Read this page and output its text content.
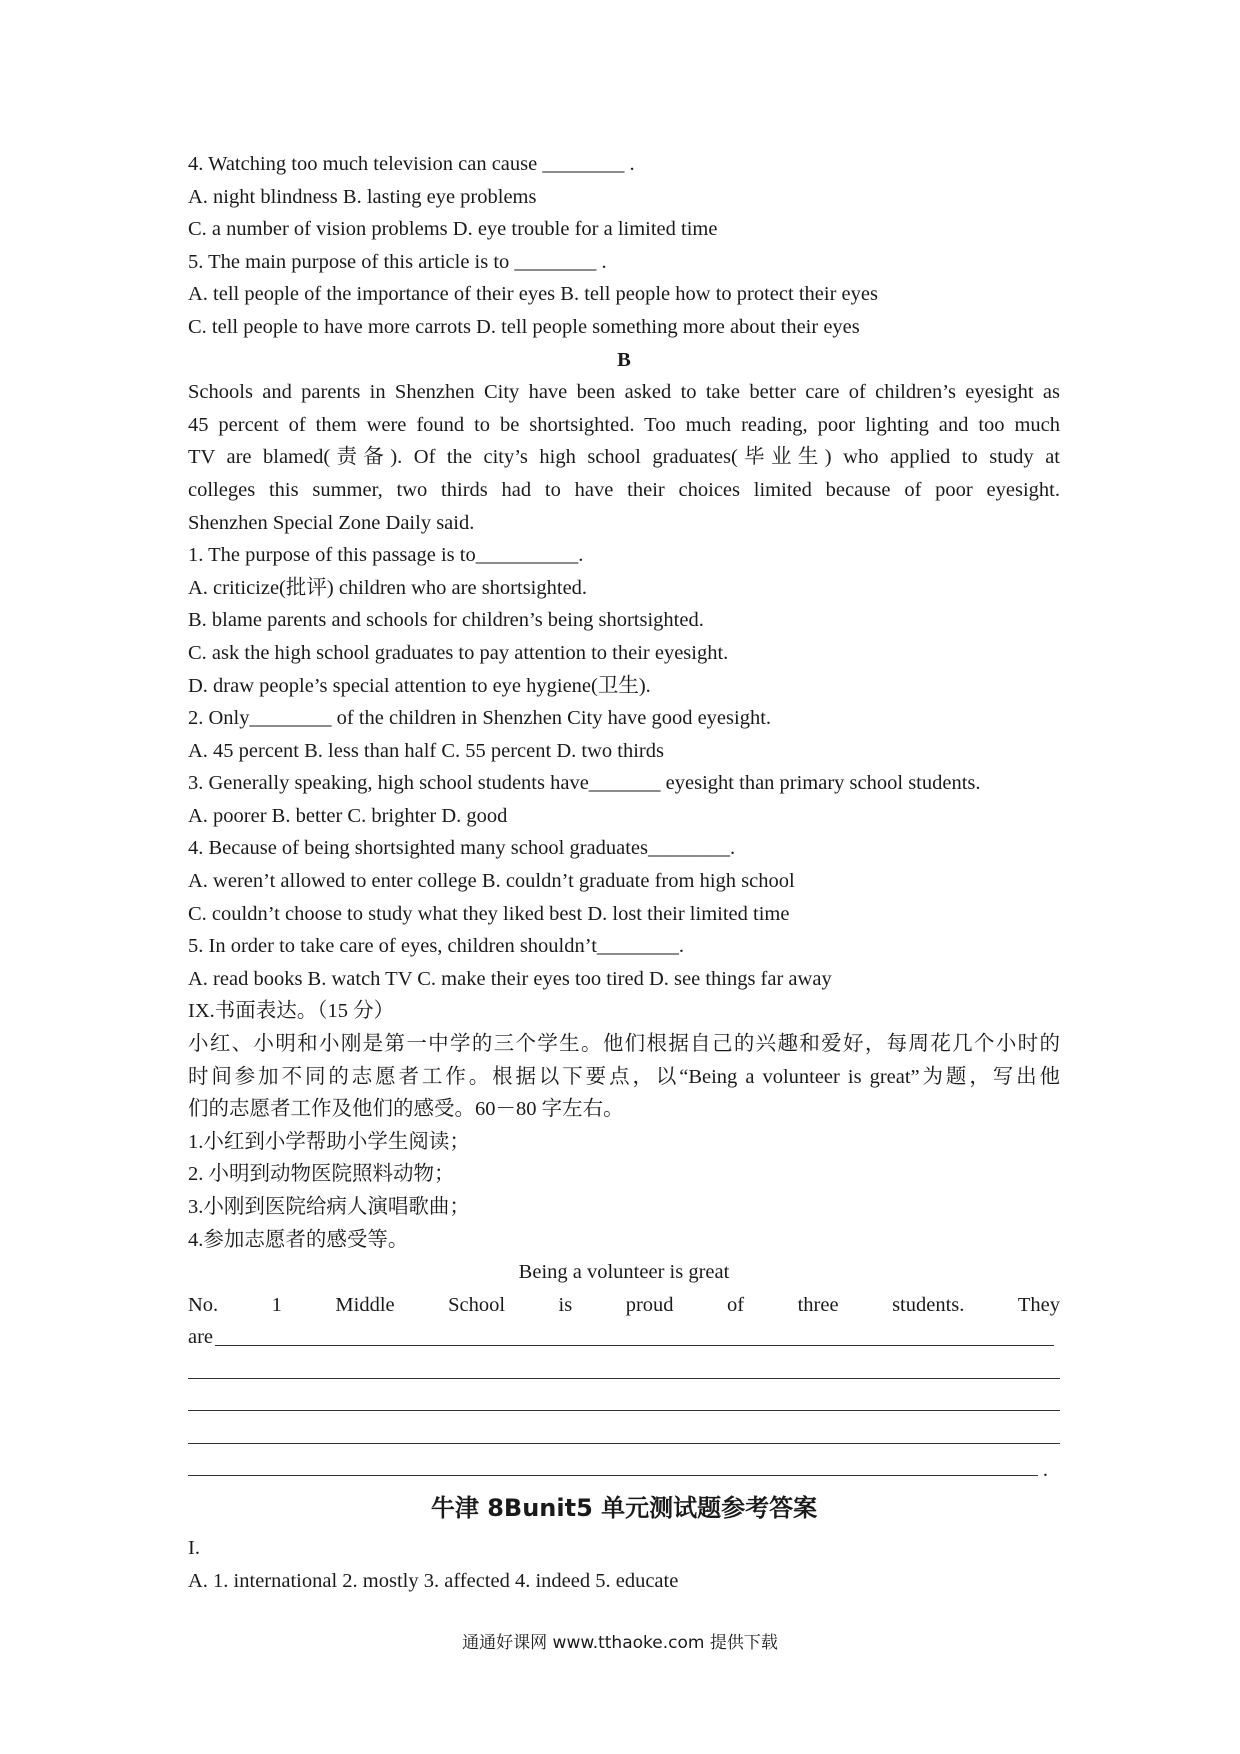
4. Watching too much television can cause ________ .
A. night blindness B. lasting eye problems
C. a number of vision problems D. eye trouble for a limited time
5. The main purpose of this article is to ________ .
A. tell people of the importance of their eyes B. tell people how to protect their eyes
C. tell people to have more carrots D. tell people something more about their eyes
B
Schools and parents in Shenzhen City have been asked to take better care of children’s eyesight as
45 percent of them were found to be shortsighted. Too much reading, poor lighting and too much
TV are blamed(责备). Of the city’s high school graduates(毕业生) who applied to study at
colleges this summer, two thirds had to have their choices limited because of poor eyesight.
Shenzhen Special Zone Daily said.
1. The purpose of this passage is to__________.
A. criticize(批评) children who are shortsighted.
B. blame parents and schools for children’s being shortsighted.
C. ask the high school graduates to pay attention to their eyesight.
D. draw people’s special attention to eye hygiene(卫生).
2. Only________ of the children in Shenzhen City have good eyesight.
A. 45 percent B. less than half C. 55 percent D. two thirds
3. Generally speaking, high school students have_______ eyesight than primary school students.
A. poorer B. better C. brighter D. good
4. Because of being shortsighted many school graduates________.
A. weren’t allowed to enter college B. couldn’t graduate from high school
C. couldn’t choose to study what they liked best D. lost their limited time
5. In order to take care of eyes, children shouldn’t________.
A. read books B. watch TV C. make their eyes too tired D. see things far away
IX.书面表达。（15 分）
小红、小明和小刚是第一中学的三个学生。他们根据自己的兴趣和爱好，每周花几个小时的
时间参加不同的志愿者工作。根据以下要点，以“Being a volunteer is great”为题，写出他
们的志愿者工作及他们的感受。60－80 字左右。
1.小红到小学帮助小学生阅读；
2. 小明到动物医院照料动物；
3.小刚到医院给病人演唱歌曲；
4.参加志愿者的感受等。
Being a volunteer is great
No.	1	Middle	School	is	proud	of	three	students.	They
are
.
牛津 8Bunit5 单元测试题参考答案
I.
A. 1. international 2. mostly 3. affected 4. indeed 5. educate
通通好课网 www.tthaoke.com 提供下载
